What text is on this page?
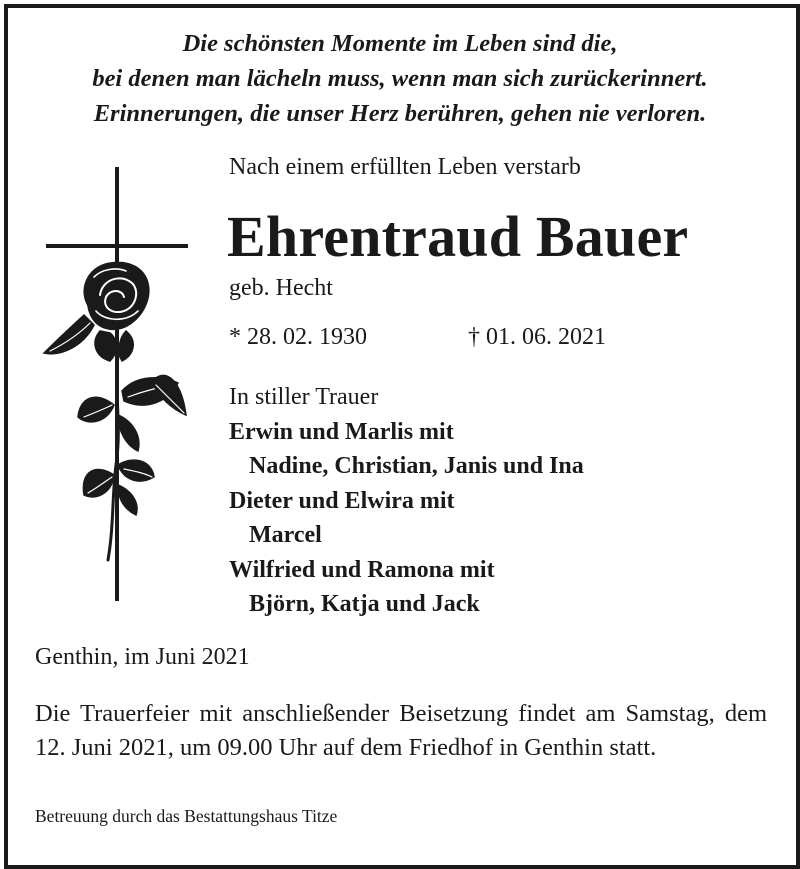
Die schönsten Momente im Leben sind die,
bei denen man lächeln muss, wenn man sich zurückerinnert.
Erinnerungen, die unser Herz berühren, gehen nie verloren.
Nach einem erfüllten Leben verstarb
Ehrentraud Bauer
geb. Hecht
* 28. 02. 1930	† 01. 06. 2021
In stiller Trauer
Erwin und Marlis mit
Nadine, Christian, Janis und Ina
Dieter und Elwira mit
Marcel
Wilfried und Ramona mit
Björn, Katja und Jack
Genthin, im Juni 2021
Die Trauerfeier mit anschließender Beisetzung findet am Samstag, dem 12. Juni 2021, um 09.00 Uhr auf dem Friedhof in Genthin statt.
Betreuung durch das Bestattungshaus Titze
